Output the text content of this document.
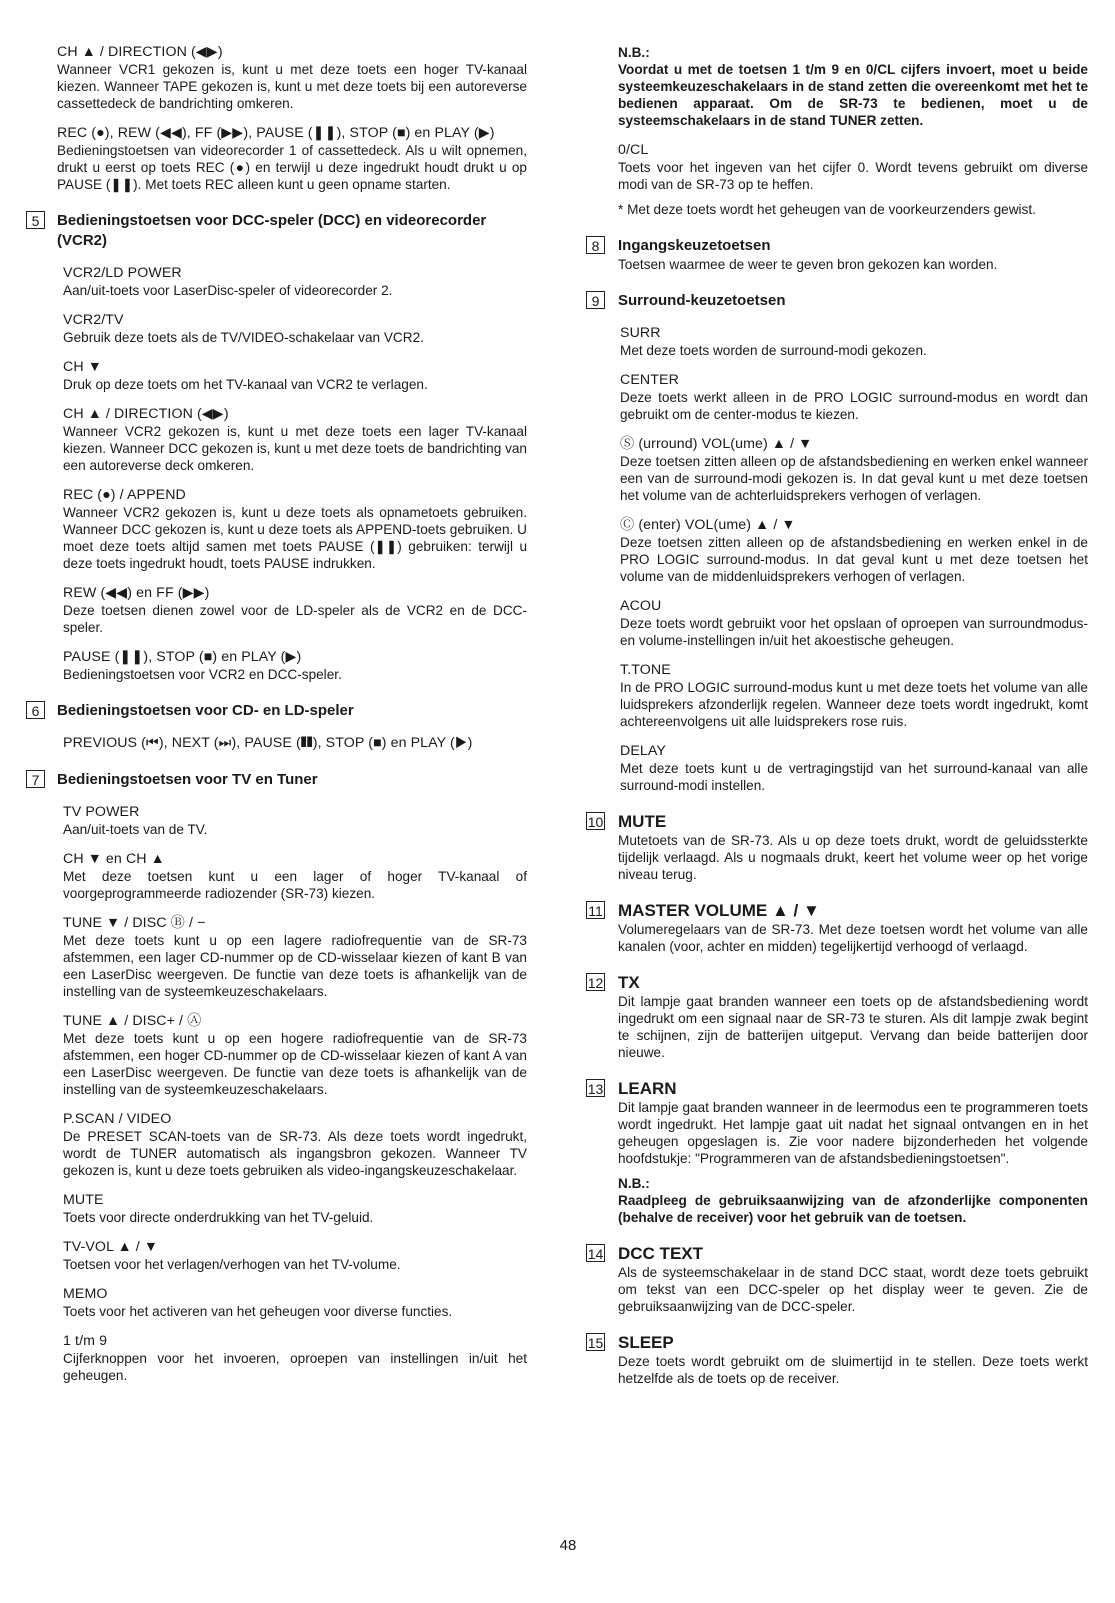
CH ▲ / DIRECTION (◀▶)
Wanneer VCR1 gekozen is, kunt u met deze toets een hoger TV-kanaal kiezen. Wanneer TAPE gekozen is, kunt u met deze toets bij een autoreverse cassettedeck de bandrichting omkeren.
REC (●), REW (◀◀), FF (▶▶), PAUSE (❚❚), STOP (■) en PLAY (▶)
Bedieningstoetsen van videorecorder 1 of cassettedeck. Als u wilt opnemen, drukt u eerst op toets REC (●) en terwijl u deze ingedrukt houdt drukt u op PAUSE (❚❚). Met toets REC alleen kunt u geen opname starten.
5	Bedieningstoetsen voor DCC-speler (DCC) en videorecorder (VCR2)
VCR2/LD POWER
Aan/uit-toets voor LaserDisc-speler of videorecorder 2.
VCR2/TV
Gebruik deze toets als de TV/VIDEO-schakelaar van VCR2.
CH ▼
Druk op deze toets om het TV-kanaal van VCR2 te verlagen.
CH ▲ / DIRECTION (◀▶)
Wanneer VCR2 gekozen is, kunt u met deze toets een lager TV-kanaal kiezen. Wanneer DCC gekozen is, kunt u met deze toets de bandrichting van een autoreverse deck omkeren.
REC (●) / APPEND
Wanneer VCR2 gekozen is, kunt u deze toets als opnametoets gebruiken. Wanneer DCC gekozen is, kunt u deze toets als APPEND-toets gebruiken. U moet deze toets altijd samen met toets PAUSE (❚❚) gebruiken: terwijl u deze toets ingedrukt houdt, toets PAUSE indrukken.
REW (◀◀) en FF (▶▶)
Deze toetsen dienen zowel voor de LD-speler als de VCR2 en de DCC-speler.
PAUSE (❚❚), STOP (■) en PLAY (▶)
Bedieningstoetsen voor VCR2 en DCC-speler.
6	Bedieningstoetsen voor CD- en LD-speler
PREVIOUS (⏮), NEXT (⏭), PAUSE (❚❚), STOP (■) en PLAY (▶)
7	Bedieningstoetsen voor TV en Tuner
TV POWER
Aan/uit-toets van de TV.
CH ▼ en CH ▲
Met deze toetsen kunt u een lager of hoger TV-kanaal of voorgeprogrammeerde radiozender (SR-73) kiezen.
TUNE ▼ / DISC Ⓑ / −
Met deze toets kunt u op een lagere radiofrequentie van de SR-73 afstemmen, een lager CD-nummer op de CD-wisselaar kiezen of kant B van een LaserDisc weergeven. De functie van deze toets is afhankelijk van de instelling van de systeemkeuzeschakelaars.
TUNE ▲ / DISC+ / Ⓐ
Met deze toets kunt u op een hogere radiofrequentie van de SR-73 afstemmen, een hoger CD-nummer op de CD-wisselaar kiezen of kant A van een LaserDisc weergeven. De functie van deze toets is afhankelijk van de instelling van de systeemkeuzeschakelaars.
P.SCAN / VIDEO
De PRESET SCAN-toets van de SR-73. Als deze toets wordt ingedrukt, wordt de TUNER automatisch als ingangsbron gekozen. Wanneer TV gekozen is, kunt u deze toets gebruiken als video-ingangskeuzeschakelaar.
MUTE
Toets voor directe onderdrukking van het TV-geluid.
TV-VOL ▲ / ▼
Toetsen voor het verlagen/verhogen van het TV-volume.
MEMO
Toets voor het activeren van het geheugen voor diverse functies.
1 t/m 9
Cijferknoppen voor het invoeren, oproepen van instellingen in/uit het geheugen.
N.B.:
Voordat u met de toetsen 1 t/m 9 en 0/CL cijfers invoert, moet u beide systeemkeuzeschakelaars in de stand zetten die overeenkomt met het te bedienen apparaat. Om de SR-73 te bedienen, moet u de systeemschakelaars in de stand TUNER zetten.
0/CL
Toets voor het ingeven van het cijfer 0. Wordt tevens gebruikt om diverse modi van de SR-73 op te heffen.
* Met deze toets wordt het geheugen van de voorkeurzenders gewist.
8	Ingangskeuzetoetsen
Toetsen waarmee de weer te geven bron gekozen kan worden.
9	Surround-keuzetoetsen
SURR
Met deze toets worden de surround-modi gekozen.
CENTER
Deze toets werkt alleen in de PRO LOGIC surround-modus en wordt dan gebruikt om de center-modus te kiezen.
Ⓢ (urround) VOL(ume) ▲ / ▼
Deze toetsen zitten alleen op de afstandsbediening en werken enkel wanneer een van de surround-modi gekozen is. In dat geval kunt u met deze toetsen het volume van de achterluidsprekers verhogen of verlagen.
Ⓒ (enter) VOL(ume) ▲ / ▼
Deze toetsen zitten alleen op de afstandsbediening en werken enkel in de PRO LOGIC surround-modus. In dat geval kunt u met deze toetsen het volume van de middenluidsprekers verhogen of verlagen.
ACOU
Deze toets wordt gebruikt voor het opslaan of oproepen van surroundmodus- en volume-instellingen in/uit het akoestische geheugen.
T.TONE
In de PRO LOGIC surround-modus kunt u met deze toets het volume van alle luidsprekers afzonderlijk regelen. Wanneer deze toets wordt ingedrukt, komt achtereenvolgens uit alle luidsprekers rose ruis.
DELAY
Met deze toets kunt u de vertragingstijd van het surround-kanaal van alle surround-modi instellen.
10 MUTE
Mutetoets van de SR-73. Als u op deze toets drukt, wordt de geluidssterkte tijdelijk verlaagd. Als u nogmaals drukt, keert het volume weer op het vorige niveau terug.
11 MASTER VOLUME ▲ / ▼
Volumeregelaars van de SR-73. Met deze toetsen wordt het volume van alle kanalen (voor, achter en midden) tegelijkertijd verhoogd of verlaagd.
12 TX
Dit lampje gaat branden wanneer een toets op de afstandsbediening wordt ingedrukt om een signaal naar de SR-73 te sturen. Als dit lampje zwak begint te schijnen, zijn de batterijen uitgeput. Vervang dan beide batterijen door nieuwe.
13 LEARN
Dit lampje gaat branden wanneer in de leermodus een te programmeren toets wordt ingedrukt. Het lampje gaat uit nadat het signaal ontvangen en in het geheugen opgeslagen is. Zie voor nadere bijzonderheden het volgende hoofdstukje: "Programmeren van de afstandsbedieningstoetsen".
N.B.:
Raadpleeg de gebruiksaanwijzing van de afzonderlijke componenten (behalve de receiver) voor het gebruik van de toetsen.
14 DCC TEXT
Als de systeemschakelaar in de stand DCC staat, wordt deze toets gebruikt om tekst van een DCC-speler op het display weer te geven. Zie de gebruiksaanwijzing van de DCC-speler.
15 SLEEP
Deze toets wordt gebruikt om de sluimertijd in te stellen. Deze toets werkt hetzelfde als de toets op de receiver.
48
